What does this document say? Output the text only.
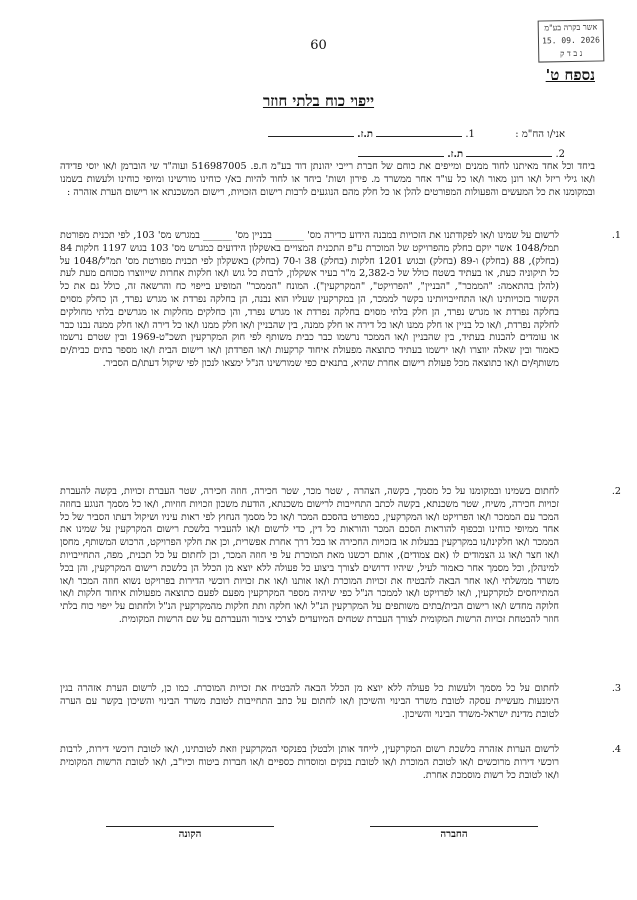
60
אשר בקרה בע"מ
15. 09. 2026
נ ב ד ק
נספח ט'
ייפוי כוח בלתי חוזר
אני/ו הח"מ :  1.  ת.ז.
2.  ת.ז.
ביחד וכל אחד מאיתנו לחוד ממנים ומייפים את כוחם של חברת רייבי יהונתן דוד בע"מ ח.פ. 516987005 ועוה"ד שי הוברמן ו/או יוסי פדידה ו/או גילי ריזל ו/או רונן מאור ו/או כל עו"ד אחר ממשרד מ. פירון ושות' ביחד או לחוד להיות בא/י כוחינו מורשינו ומיופי כוחינו ולעשות בשמנו ובמקומנו את כל המעשים והפעולות המפורטים להלן או כל חלק מהם הנוגעים לרבות רישום הזכויות, רישום המשכנתא או רישום הערת אזהרה :
1.
לרשום על שמינו ו/או לפקודתנו את הזכויות במבנה הידוע כדירה מס' ______ בבניין מס' ______ במגרש מס' 103, לפי תכנית מפורטת תמל/1048 אשר יוקם בחלק מהפרויקט של המוכרת ע"פ התכנית המצויים באשקלון הידועים כמגרש מס' 103 בגוש 1197 חלקות 84 (בחלק), 88 (בחלק) ו-89 (בחלק) ובגוש 1201 חלקות (בחלק) 38 ו-70 (בחלק) באשקלון לפי תכנית מפורטת מס' תמ"ל/1048 על כל תיקוניה כעת, או בעתיד בשטח כולל של כ-2,382 מ"ר בעיר אשקלון, לרבות כל גוש ו/או חלקות אחרות שייווצרו מכוחם מעת לעת (להלן בהתאמה: "הממכר", "הבניין", "הפרויקט", "המקרקעין"). המונח "הממכר" המופיע בייפוי כח והרשאה זה, כולל גם את כל הקשור בזכויותינו ו/או התחייבויותינו בקשר לממכר, הן במקרקעין שעליו הוא נבנה, הן בחלקה נפרדת או מגרש נפרד, הן כחלק מסוים בחלקה נפרדת או מגרש נפרד, הן חלק בלתי מסוים בחלקה נפרדת או מגרש נפרד, והן כחלקים מחלקות או מגרשים בלתי מחולקים לחלקה נפרדת, ו/או כל בניין או חלק ממנו ו/או כל דירה או חלק ממנה, בין שהבניין ו/או חלק ממנו ו/או כל דירה ו/או חלק ממנה נבנו כבר או עומדים להבנות בעתיד, בין שהבניין ו/או הממכר נרשמו כבר כבית משותף לפי חוק המקרקעין תשכ"ט-1969 ובין שטרם נרשמו כאמור ובין שאלה יווצרו ו/או ירשמו בעתיד כתוצאה מפעולת איחוד קרקעות ו/או הפרדתן ו/או רישום הבית ו/או מספר בתים כבית/ים משותף/ים ו/או כתוצאה מכל פעולת רישום אחרת שהיא, בתנאים כפי שמורשינו הנ"ל ימצאו לנכון לפי שיקול דעתו/ם הסביר.
2.
לחתום בשמינו ובמקומנו על כל מסמך, בקשה, הצהרה , שטר מכר, שטר חכירה, חוזה חכירה, שטר העברת זכויות, בקשה להעברת זכויות חכירה, משיח, שטר משכנתא, בקשה לכתב התחייבות לרישום משכנתא, הודעת משכון וזכויות חוזיות, ו/או כל מסמך הנוגע בחוזה המכר עם הממכר ו/או הפרויקט ו/או המקרקעין, כמפורט בהסכם המכר ו/או כל מסמך הנחוץ לפי ראות עיניו ושיקול דעתו הסביר של כל אחד ממיופי כוחינו ובכפוף להוראות הסכם המכר והוראות כל דין, כדי לרשום ו/או להעביר בלשכת רישום המקרקעין על שמינו את הממכר ו/או חלקינו/נו במקרקעין בבעלות או בזכויות החכירה או בכל דרך אחרת אפשרית, וכן את חלקי הפרויקט, הרכוש המשותף, מחסן ו/או חצר ו/או גג הצמודים לו (אם צמודים), אותם רכשנו מאת המוכרת על פי חוזה המכר, וכן לחתום על כל תכנית, מפה, התחייבויות למינהלן, וכל מסמך אחר כאמור לעיל, שיהיו דרושים לצורך ביצוע כל פעולה ללא יוצא מן הכלל הן בלשכת רישום המקרקעין, והן בכל משרד ממשלתי ו/או אחר הבאה להבטיח את זכויות המוכרת ו/או אותנו ו/או את זכויות רוכשי הדירות בפרויקט נשוא חוזה המכר ו/או המתייחסים למקרקעין, ו/או לפרויקט ו/או לממכר הנ"ל כפי שיהיה מספר המקרקעין מפעם לפעם כתוצאה מפעולות איחוד חלקות ו/או חלוקה מחדש ו/או רישום הבית/בתים משותפים על המקרקעין הנ"ל ו/או חלקה ותת חלקות מהמקרקעין הנ"ל ולחתום על ייפוי כוח בלתי חוזר להבטחת זכויות הרשות המקומית לצורך העברת שטחים המיועדים לצרכי ציבור והעברתם על שם הרשות המקומית.
3.
לחתום על כל מסמך ולעשות כל פעולה ללא יוצא מן הכלל הבאה להבטיח את זכויות המוכרת. כמו כן, לרשום הערת אזהרה בגין הימנעות מעשיית עסקה לטובת משרד הבינוי והשיכון ו/או לחתום על כתב התחייבות לטובת משרד הבינוי והשיכון בקשר עם הערה לטובת מדינת ישראל-משרד הבינוי והשיכון.
4.
לרשום הערות אזהרה בלשכת רשום המקרקעין, לייחד אותן ולבטלן בפנקסי המקרקעין וזאת לטובתינו, ו/או לטובת רוכשי דירות, לרבות רוכשי דירות מרוכשים ו/או לטובת המוכרת ו/או לטובת בנקים ומוסדות כספיים ו/או חברות ביטוח וכיו"ב, ו/או לטובת הרשות המקומית ו/או לטובת כל רשות מוסמכת אחרת.
החברה
הקונה
